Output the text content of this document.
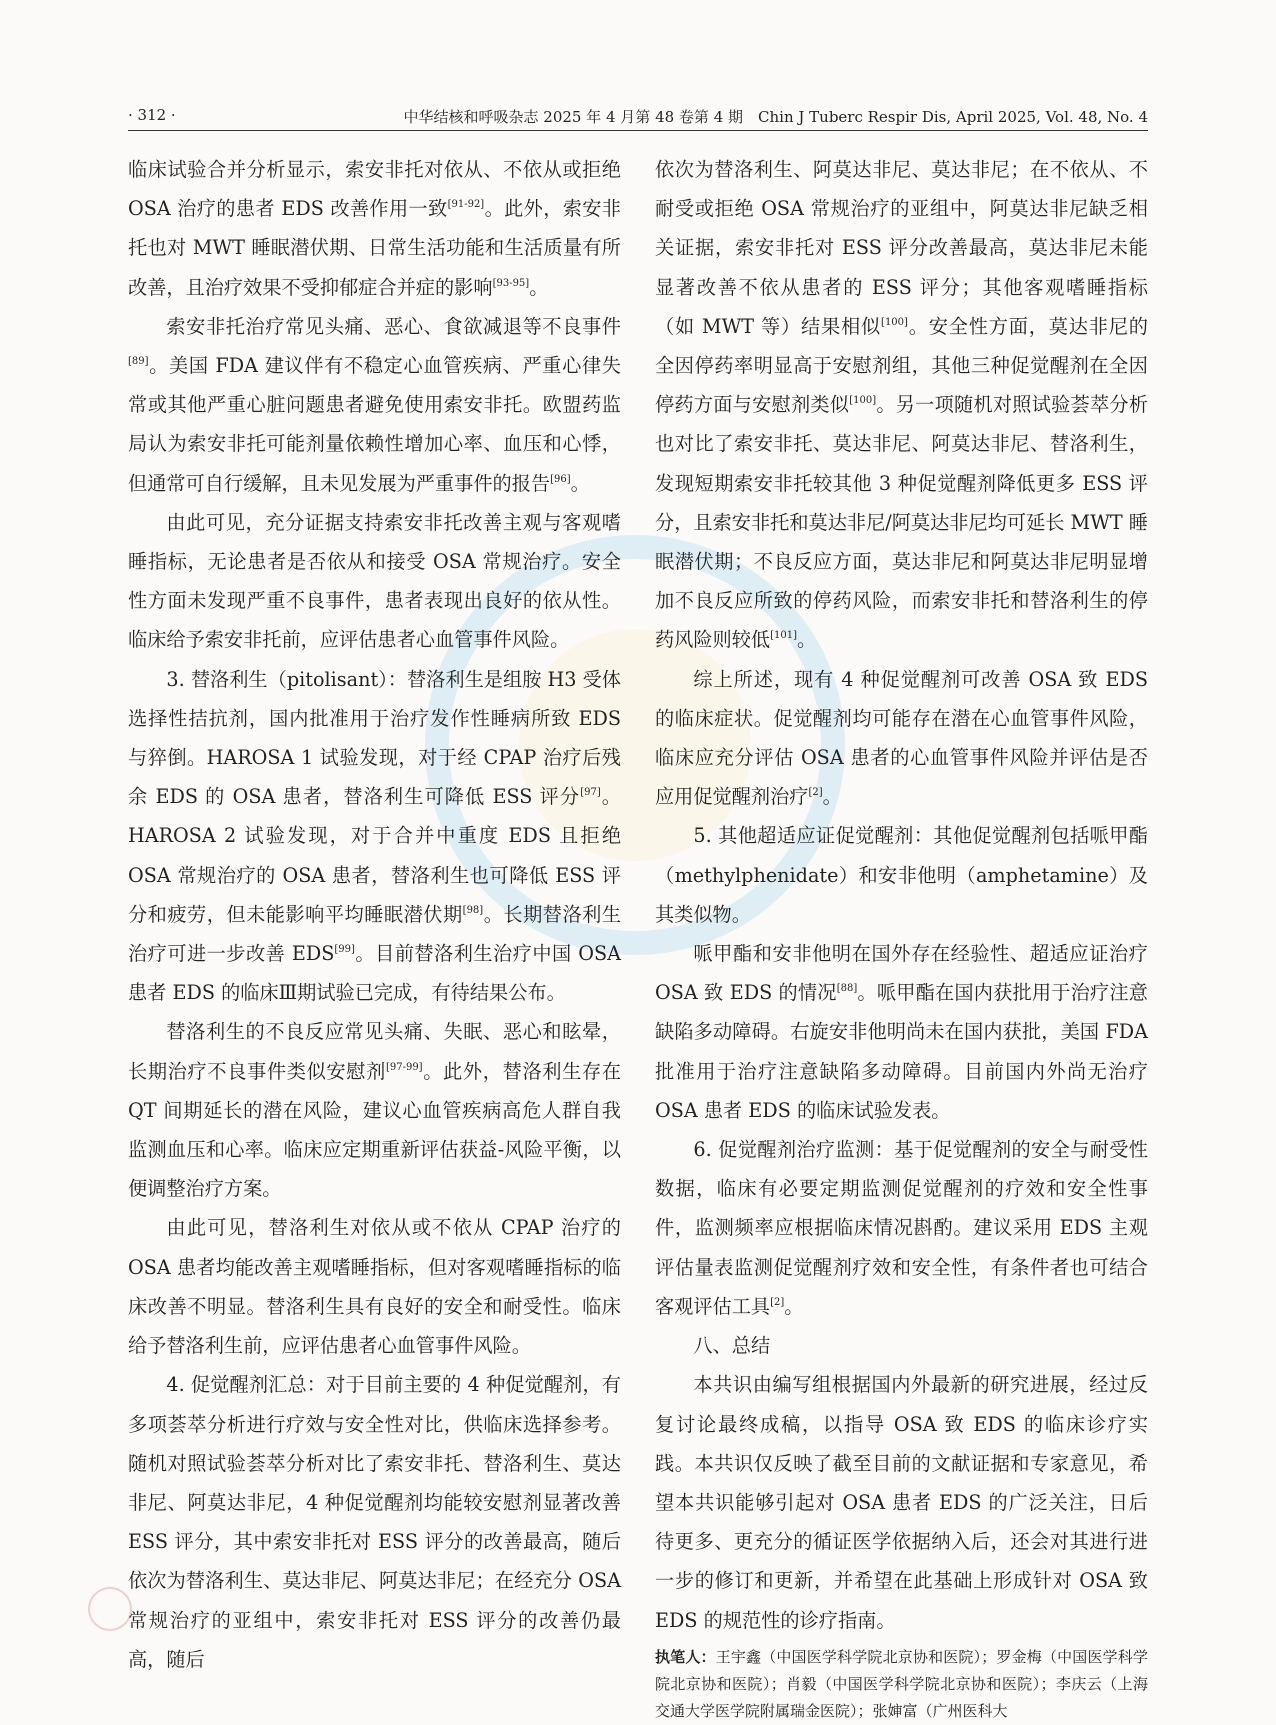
· 312 ·	中华结核和呼吸杂志 2025 年 4 月第 48 卷第 4 期　Chin J Tuberc Respir Dis, April 2025, Vol. 48, No. 4

临床试验合并分析显示，索安非托对依从、不依从或拒绝 OSA 治疗的患者 EDS 改善作用一致[91-92]。此外，索安非托也对 MWT 睡眠潜伏期、日常生活功能和生活质量有所改善，且治疗效果不受抑郁症合并症的影响[93-95]。

索安非托治疗常见头痛、恶心、食欲减退等不良事件[89]。美国 FDA 建议伴有不稳定心血管疾病、严重心律失常或其他严重心脏问题患者避免使用索安非托。欧盟药监局认为索安非托可能剂量依赖性增加心率、血压和心悸，但通常可自行缓解，且未见发展为严重事件的报告[96]。

由此可见，充分证据支持索安非托改善主观与客观嗜睡指标，无论患者是否依从和接受 OSA 常规治疗。安全性方面未发现严重不良事件，患者表现出良好的依从性。临床给予索安非托前，应评估患者心血管事件风险。

3. 替洛利生（pitolisant）：替洛利生是组胺 H3 受体选择性拮抗剂，国内批准用于治疗发作性睡病所致 EDS 与猝倒。HAROSA 1 试验发现，对于经 CPAP 治疗后残余 EDS 的 OSA 患者，替洛利生可降低 ESS 评分[97]。HAROSA 2 试验发现，对于合并中重度 EDS 且拒绝 OSA 常规治疗的 OSA 患者，替洛利生也可降低 ESS 评分和疲劳，但未能影响平均睡眠潜伏期[98]。长期替洛利生治疗可进一步改善 EDS[99]。目前替洛利生治疗中国 OSA 患者 EDS 的临床Ⅲ期试验已完成，有待结果公布。

替洛利生的不良反应常见头痛、失眠、恶心和眩晕，长期治疗不良事件类似安慰剂[97-99]。此外，替洛利生存在 QT 间期延长的潜在风险，建议心血管疾病高危人群自我监测血压和心率。临床应定期重新评估获益-风险平衡，以便调整治疗方案。

由此可见，替洛利生对依从或不依从 CPAP 治疗的 OSA 患者均能改善主观嗜睡指标，但对客观嗜睡指标的临床改善不明显。替洛利生具有良好的安全和耐受性。临床给予替洛利生前，应评估患者心血管事件风险。

4. 促觉醒剂汇总：对于目前主要的 4 种促觉醒剂，有多项荟萃分析进行疗效与安全性对比，供临床选择参考。随机对照试验荟萃分析对比了索安非托、替洛利生、莫达非尼、阿莫达非尼，4 种促觉醒剂均能较安慰剂显著改善 ESS 评分，其中索安非托对 ESS 评分的改善最高，随后依次为替洛利生、莫达非尼、阿莫达非尼；在经充分 OSA 常规治疗的亚组中，索安非托对 ESS 评分的改善仍最高，随后

依次为替洛利生、阿莫达非尼、莫达非尼；在不依从、不耐受或拒绝 OSA 常规治疗的亚组中，阿莫达非尼缺乏相关证据，索安非托对 ESS 评分改善最高，莫达非尼未能显著改善不依从患者的 ESS 评分；其他客观嗜睡指标（如 MWT 等）结果相似[100]。安全性方面，莫达非尼的全因停药率明显高于安慰剂组，其他三种促觉醒剂在全因停药方面与安慰剂类似[100]。另一项随机对照试验荟萃分析也对比了索安非托、莫达非尼、阿莫达非尼、替洛利生，发现短期索安非托较其他 3 种促觉醒剂降低更多 ESS 评分，且索安非托和莫达非尼/阿莫达非尼均可延长 MWT 睡眠潜伏期；不良反应方面，莫达非尼和阿莫达非尼明显增加不良反应所致的停药风险，而索安非托和替洛利生的停药风险则较低[101]。

综上所述，现有 4 种促觉醒剂可改善 OSA 致 EDS 的临床症状。促觉醒剂均可能存在潜在心血管事件风险，临床应充分评估 OSA 患者的心血管事件风险并评估是否应用促觉醒剂治疗[2]。

5. 其他超适应证促觉醒剂：其他促觉醒剂包括哌甲酯（methylphenidate）和安非他明（amphetamine）及其类似物。

哌甲酯和安非他明在国外存在经验性、超适应证治疗 OSA 致 EDS 的情况[88]。哌甲酯在国内获批用于治疗注意缺陷多动障碍。右旋安非他明尚未在国内获批，美国 FDA 批准用于治疗注意缺陷多动障碍。目前国内外尚无治疗 OSA 患者 EDS 的临床试验发表。

6. 促觉醒剂治疗监测：基于促觉醒剂的安全与耐受性数据，临床有必要定期监测促觉醒剂的疗效和安全性事件，监测频率应根据临床情况斟酌。建议采用 EDS 主观评估量表监测促觉醒剂疗效和安全性，有条件者也可结合客观评估工具[2]。

八、总结

本共识由编写组根据国内外最新的研究进展，经过反复讨论最终成稿，以指导 OSA 致 EDS 的临床诊疗实践。本共识仅反映了截至目前的文献证据和专家意见，希望本共识能够引起对 OSA 患者 EDS 的广泛关注，日后待更多、更充分的循证医学依据纳入后，还会对其进行进一步的修订和更新，并希望在此基础上形成针对 OSA 致 EDS 的规范性的诊疗指南。

执笔人：王宇鑫（中国医学科学院北京协和医院）；罗金梅（中国医学科学院北京协和医院）；肖毅（中国医学科学院北京协和医院）；李庆云（上海交通大学医学院附属瑞金医院）；张婶富（广州医科大
